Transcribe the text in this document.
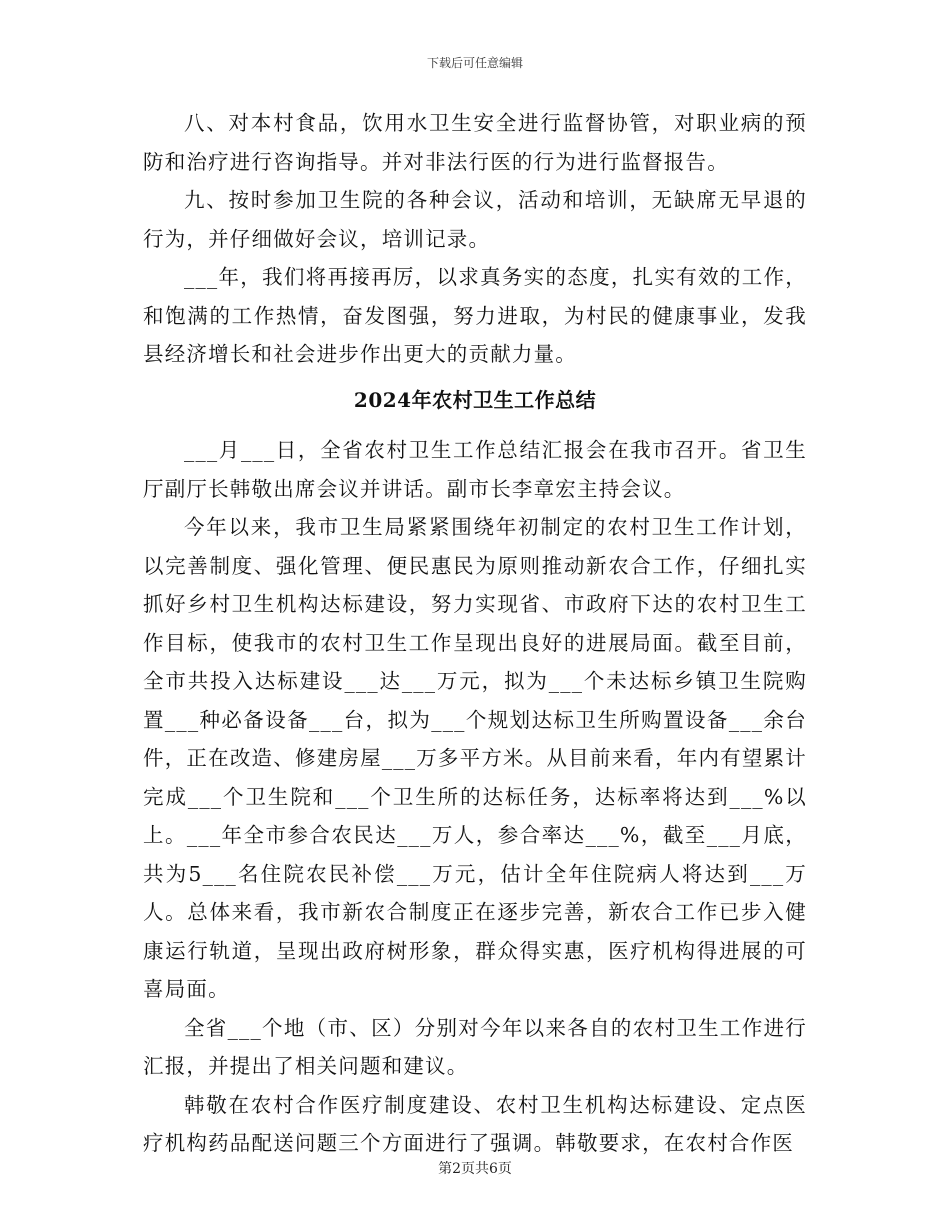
下载后可任意编辑

八、对本村食品，饮用水卫生安全进行监督协管，对职业病的预防和治疗进行咨询指导。并对非法行医的行为进行监督报告。

九、按时参加卫生院的各种会议，活动和培训，无缺席无早退的行为，并仔细做好会议，培训记录。

___年，我们将再接再厉，以求真务实的态度，扎实有效的工作，和饱满的工作热情，奋发图强，努力进取，为村民的健康事业，发我县经济增长和社会进步作出更大的贡献力量。

2024年农村卫生工作总结

___月___日，全省农村卫生工作总结汇报会在我市召开。省卫生厅副厅长韩敬出席会议并讲话。副市长李章宏主持会议。

今年以来，我市卫生局紧紧围绕年初制定的农村卫生工作计划，以完善制度、强化管理、便民惠民为原则推动新农合工作，仔细扎实抓好乡村卫生机构达标建设，努力实现省、市政府下达的农村卫生工作目标，使我市的农村卫生工作呈现出良好的进展局面。截至目前，全市共投入达标建设___达___万元，拟为___个未达标乡镇卫生院购置___种必备设备___台，拟为___个规划达标卫生所购置设备___余台件，正在改造、修建房屋___万多平方米。从目前来看，年内有望累计完成___个卫生院和___个卫生所的达标任务，达标率将达到___%以上。___年全市参合农民达___万人，参合率达___%，截至___月底，共为5___名住院农民补偿___万元，估计全年住院病人将达到___万人。总体来看，我市新农合制度正在逐步完善，新农合工作已步入健康运行轨道，呈现出政府树形象，群众得实惠，医疗机构得进展的可喜局面。

全省___个地（市、区）分别对今年以来各自的农村卫生工作进行汇报，并提出了相关问题和建议。

韩敬在农村合作医疗制度建设、农村卫生机构达标建设、定点医疗机构药品配送问题三个方面进行了强调。韩敬要求，在农村合作医

第2页共6页
